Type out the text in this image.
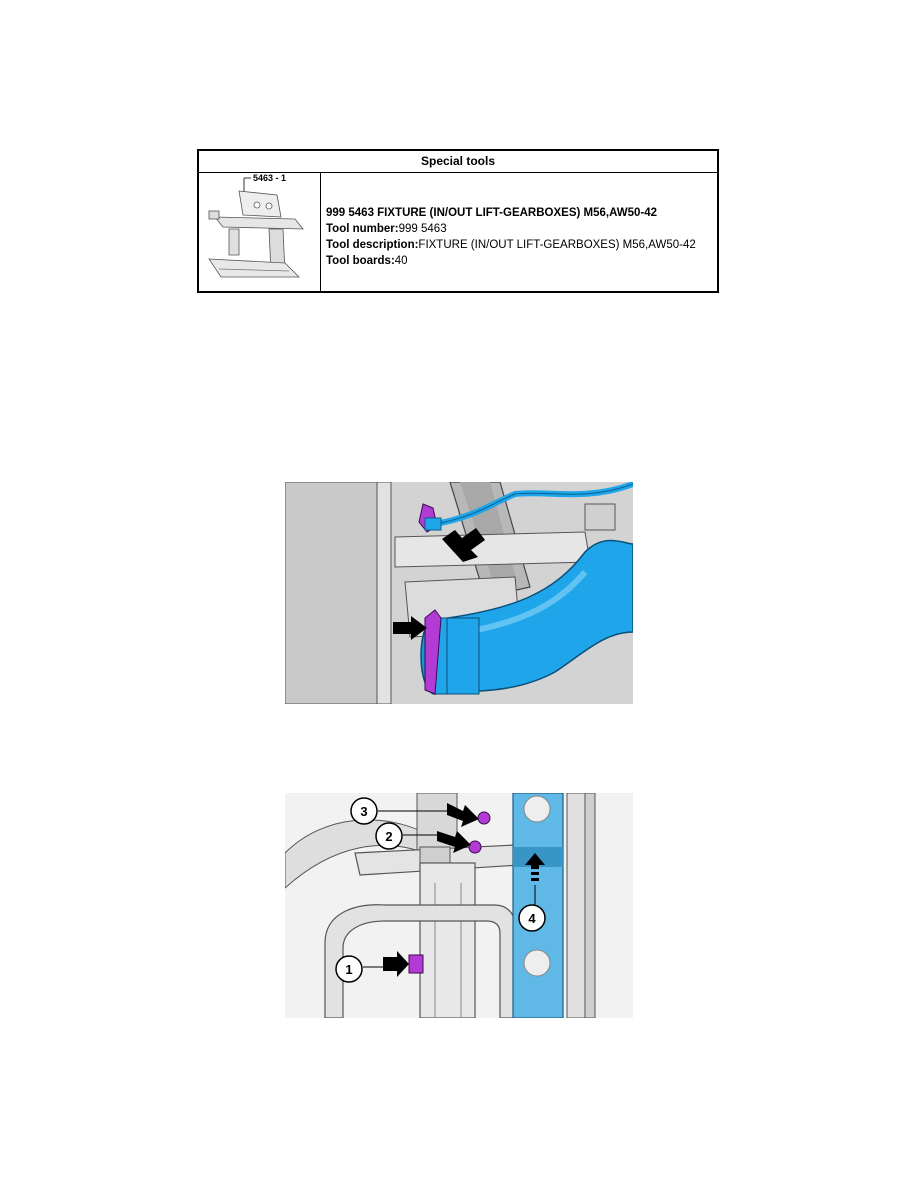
Special tools
5463 - 1
999 5463 FIXTURE (IN/OUT LIFT-GEARBOXES) M56,AW50-42
Tool number:999 5463
Tool description:FIXTURE (IN/OUT LIFT-GEARBOXES) M56,AW50-42
Tool boards:40
3
2
1
4
